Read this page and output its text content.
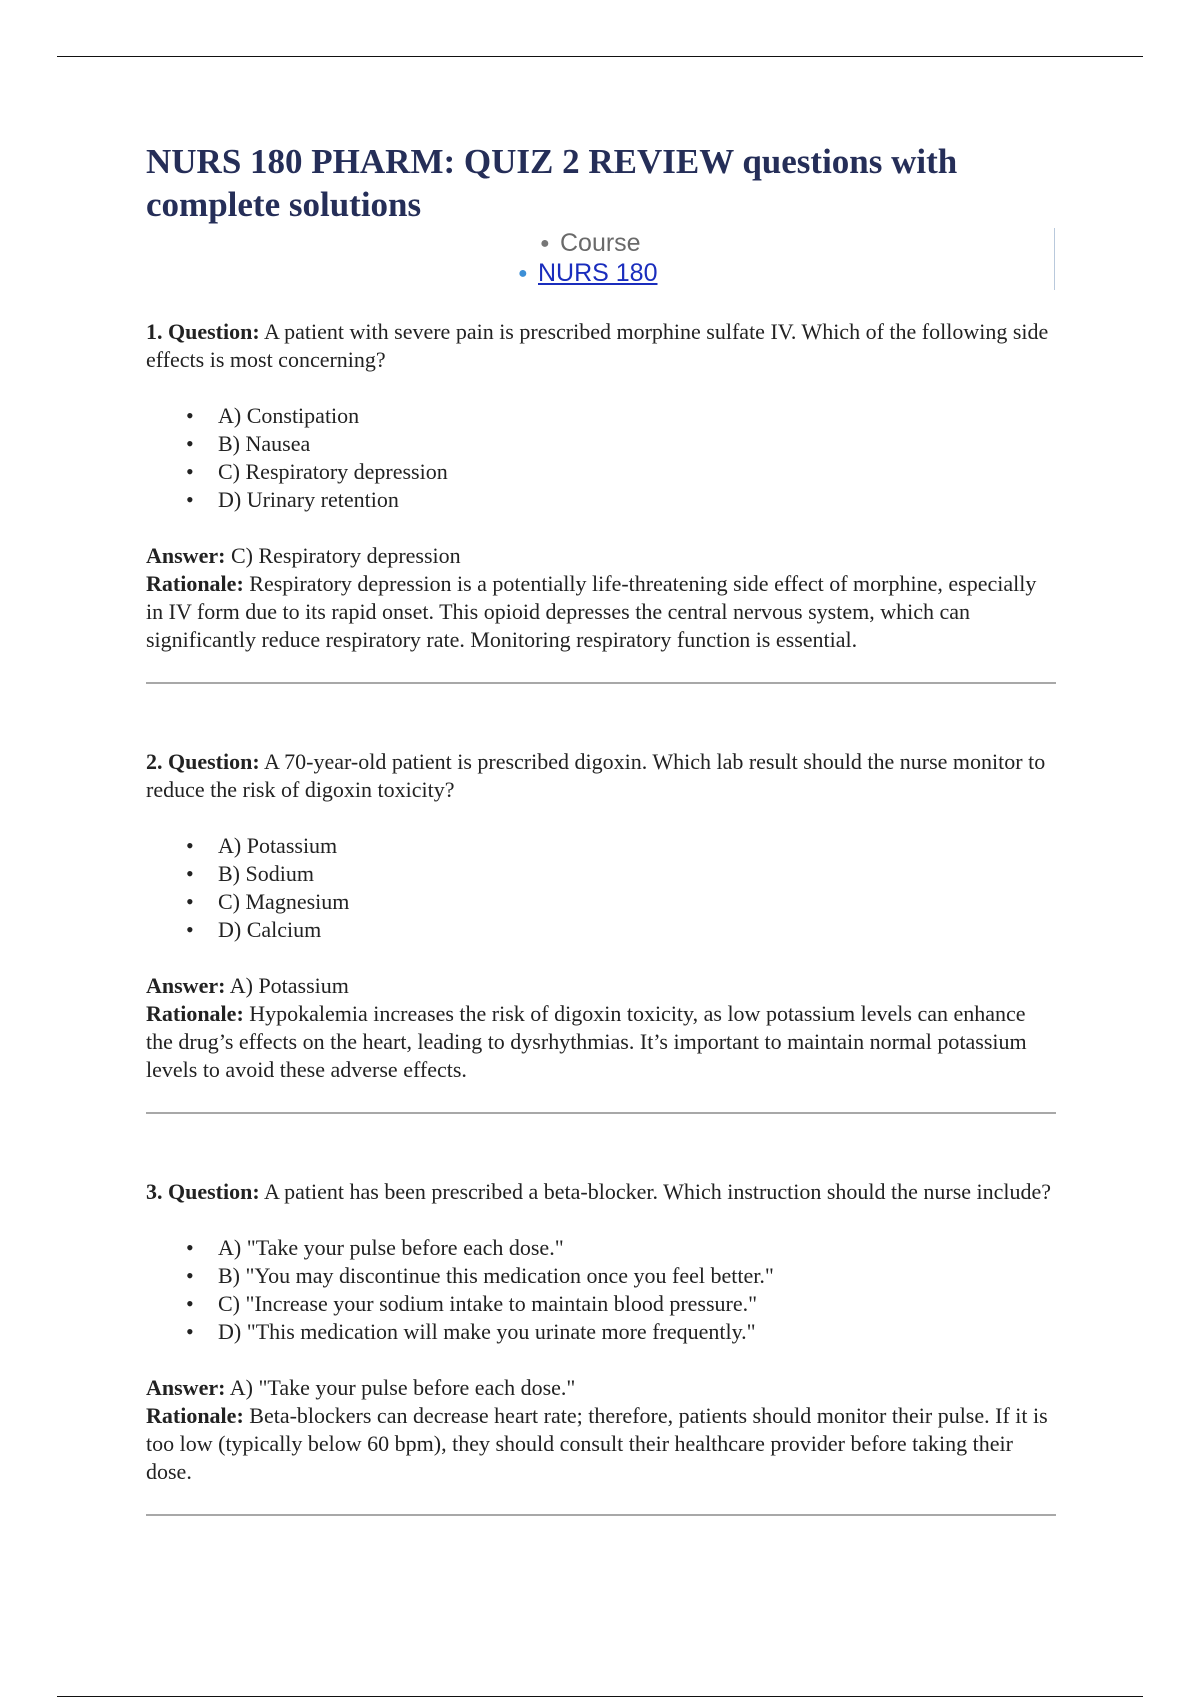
NURS 180 PHARM: QUIZ 2 REVIEW questions with complete solutions
● Course
● NURS 180

1. Question: A patient with severe pain is prescribed morphine sulfate IV. Which of the following side effects is most concerning?

• A) Constipation
• B) Nausea
• C) Respiratory depression
• D) Urinary retention

Answer: C) Respiratory depression

Rationale: Respiratory depression is a potentially life-threatening side effect of morphine, especially in IV form due to its rapid onset. This opioid depresses the central nervous system, which can significantly reduce respiratory rate. Monitoring respiratory function is essential.

2. Question: A 70-year-old patient is prescribed digoxin. Which lab result should the nurse monitor to reduce the risk of digoxin toxicity?

• A) Potassium
• B) Sodium
• C) Magnesium
• D) Calcium

Answer: A) Potassium

Rationale: Hypokalemia increases the risk of digoxin toxicity, as low potassium levels can enhance the drug’s effects on the heart, leading to dysrhythmias. It’s important to maintain normal potassium levels to avoid these adverse effects.

3. Question: A patient has been prescribed a beta-blocker. Which instruction should the nurse include?

• A) "Take your pulse before each dose."
• B) "You may discontinue this medication once you feel better."
• C) "Increase your sodium intake to maintain blood pressure."
• D) "This medication will make you urinate more frequently."

Answer: A) "Take your pulse before each dose."

Rationale: Beta-blockers can decrease heart rate; therefore, patients should monitor their pulse. If it is too low (typically below 60 bpm), they should consult their healthcare provider before taking their dose.
